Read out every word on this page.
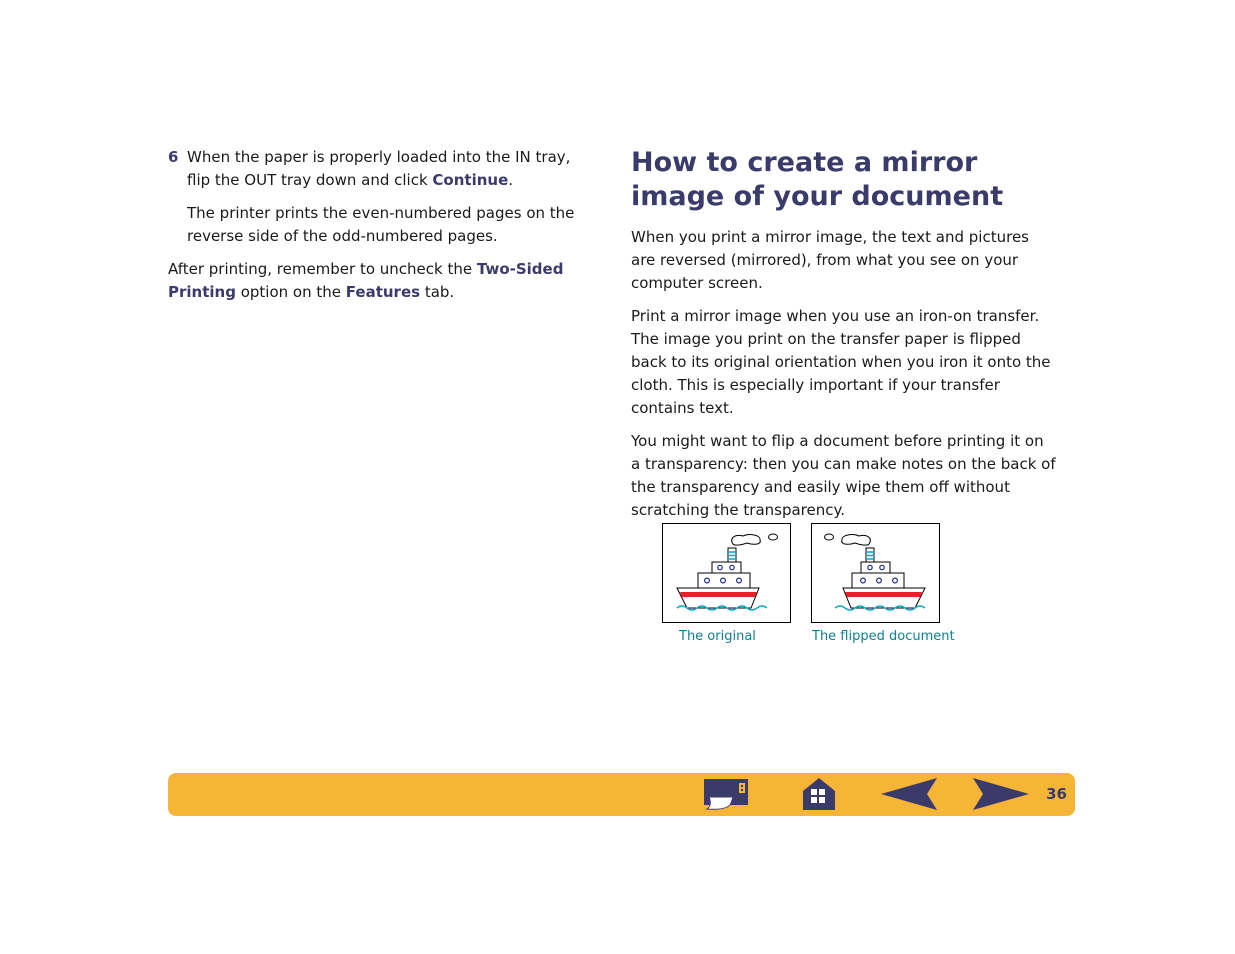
6 When the paper is properly loaded into the IN tray, flip the OUT tray down and click Continue.

The printer prints the even-numbered pages on the reverse side of the odd-numbered pages.

After printing, remember to uncheck the Two-Sided Printing option on the Features tab.

How to create a mirror image of your document

When you print a mirror image, the text and pictures are reversed (mirrored), from what you see on your computer screen.

Print a mirror image when you use an iron-on transfer. The image you print on the transfer paper is flipped back to its original orientation when you iron it onto the cloth. This is especially important if your transfer contains text.

You might want to flip a document before printing it on a transparency: then you can make notes on the back of the transparency and easily wipe them off without scratching the transparency.

The original	The flipped document
36
